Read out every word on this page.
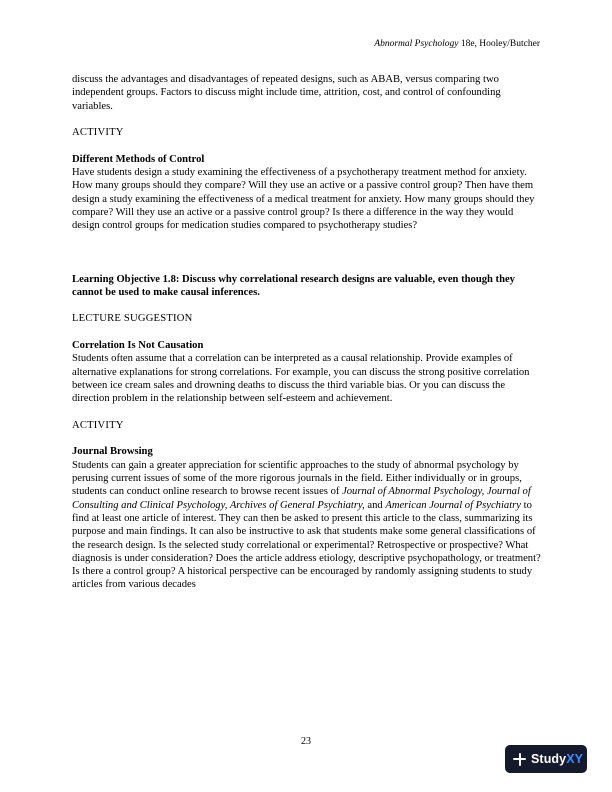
Abnormal Psychology 18e, Hooley/Butcher

discuss the advantages and disadvantages of repeated designs, such as ABAB, versus comparing two independent groups. Factors to discuss might include time, attrition, cost, and control of confounding variables.

ACTIVITY

Different Methods of Control

Have students design a study examining the effectiveness of a psychotherapy treatment method for anxiety. How many groups should they compare? Will they use an active or a passive control group? Then have them design a study examining the effectiveness of a medical treatment for anxiety. How many groups should they compare? Will they use an active or a passive control group? Is there a difference in the way they would design control groups for medication studies compared to psychotherapy studies?

Learning Objective 1.8: Discuss why correlational research designs are valuable, even though they cannot be used to make causal inferences.

LECTURE SUGGESTION

Correlation Is Not Causation

Students often assume that a correlation can be interpreted as a causal relationship. Provide examples of alternative explanations for strong correlations. For example, you can discuss the strong positive correlation between ice cream sales and drowning deaths to discuss the third variable bias. Or you can discuss the direction problem in the relationship between self-esteem and achievement.

ACTIVITY

Journal Browsing

Students can gain a greater appreciation for scientific approaches to the study of abnormal psychology by perusing current issues of some of the more rigorous journals in the field. Either individually or in groups, students can conduct online research to browse recent issues of Journal of Abnormal Psychology, Journal of Consulting and Clinical Psychology, Archives of General Psychiatry, and American Journal of Psychiatry to find at least one article of interest. They can then be asked to present this article to the class, summarizing its purpose and main findings. It can also be instructive to ask that students make some general classifications of the research design. Is the selected study correlational or experimental? Retrospective or prospective? What diagnosis is under consideration? Does the article address etiology, descriptive psychopathology, or treatment? Is there a control group? A historical perspective can be encouraged by randomly assigning students to study articles from various decades

23
StudyXY
